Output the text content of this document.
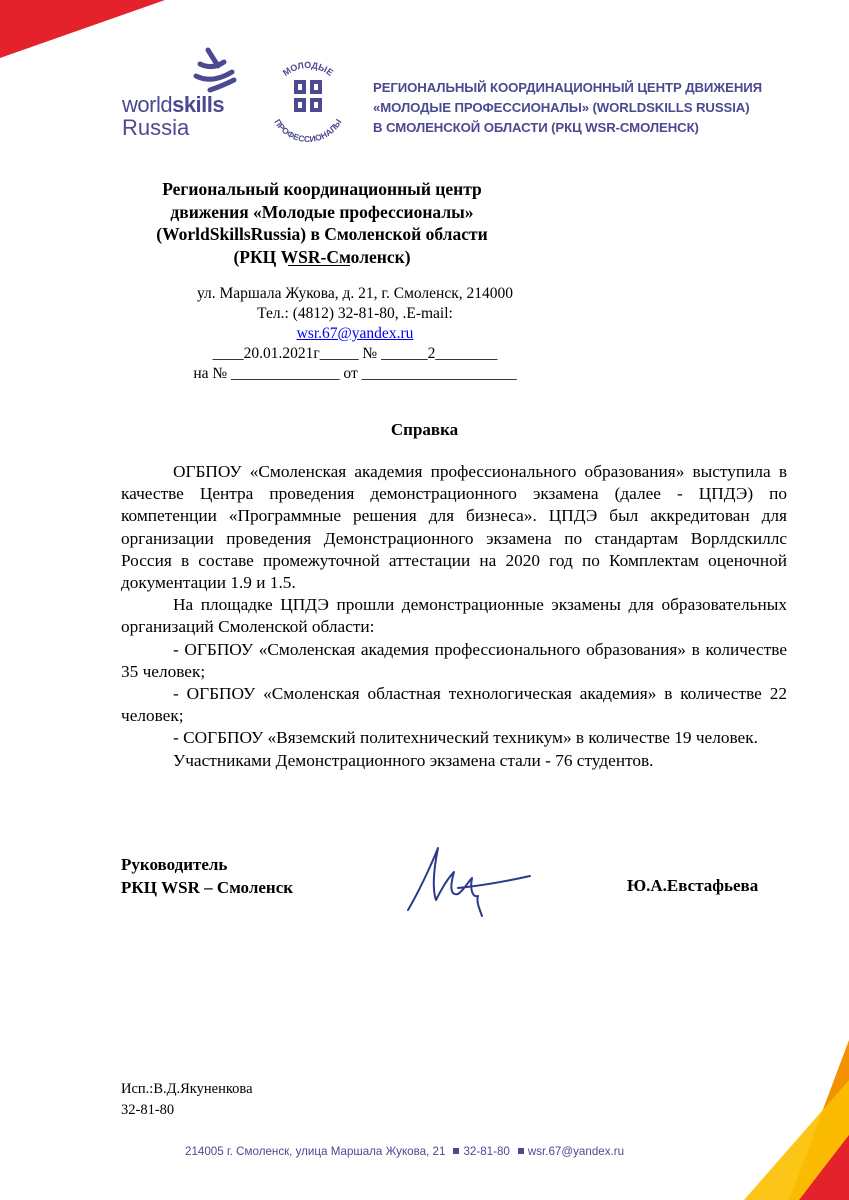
worldskills
Russia
МОЛОДЫЕ
ПРОФЕССИОНАЛЫ
РЕГИОНАЛЬНЫЙ КООРДИНАЦИОННЫЙ ЦЕНТР ДВИЖЕНИЯ
«МОЛОДЫЕ ПРОФЕССИОНАЛЫ» (WORLDSKILLS RUSSIA)
В СМОЛЕНСКОЙ ОБЛАСТИ (РКЦ WSR-СМОЛЕНСК)
Региональный координационный центр
движения «Молодые профессионалы»
(WorldSkillsRussia) в Смоленской области
(РКЦ WSR-Смоленск)
ул. Маршала Жукова, д. 21, г. Смоленск, 214000
Тел.: (4812) 32-81-80, .E-mail:
wsr.67@yandex.ru
____20.01.2021г_____ № ______2________
на № ______________ от ____________________
Справка

ОГБПОУ «Смоленская академия профессионального образования» выступила в качестве Центра проведения демонстрационного экзамена (далее - ЦПДЭ) по компетенции «Программные решения для бизнеса». ЦПДЭ был аккредитован для организации проведения Демонстрационного экзамена по стандартам Ворлдскиллс Россия в составе промежуточной аттестации на 2020 год по Комплектам оценочной документации 1.9 и 1.5.

На площадке ЦПДЭ прошли демонстрационные экзамены для образовательных организаций Смоленской области:

- ОГБПОУ «Смоленская академия профессионального образования» в количестве 35 человек;

- ОГБПОУ «Смоленская областная технологическая академия» в количестве 22 человек;

- СОГБПОУ «Вяземский политехнический техникум» в количестве 19 человек.

Участниками Демонстрационного экзамена стали - 76 студентов.

Руководитель
РКЦ WSR – Смоленск	Ю.А.Евстафьева
Исп.:В.Д.Якуненкова
32-81-80
214005 г. Смоленск, улица Маршала Жукова, 21 32-81-80 wsr.67@yandex.ru
